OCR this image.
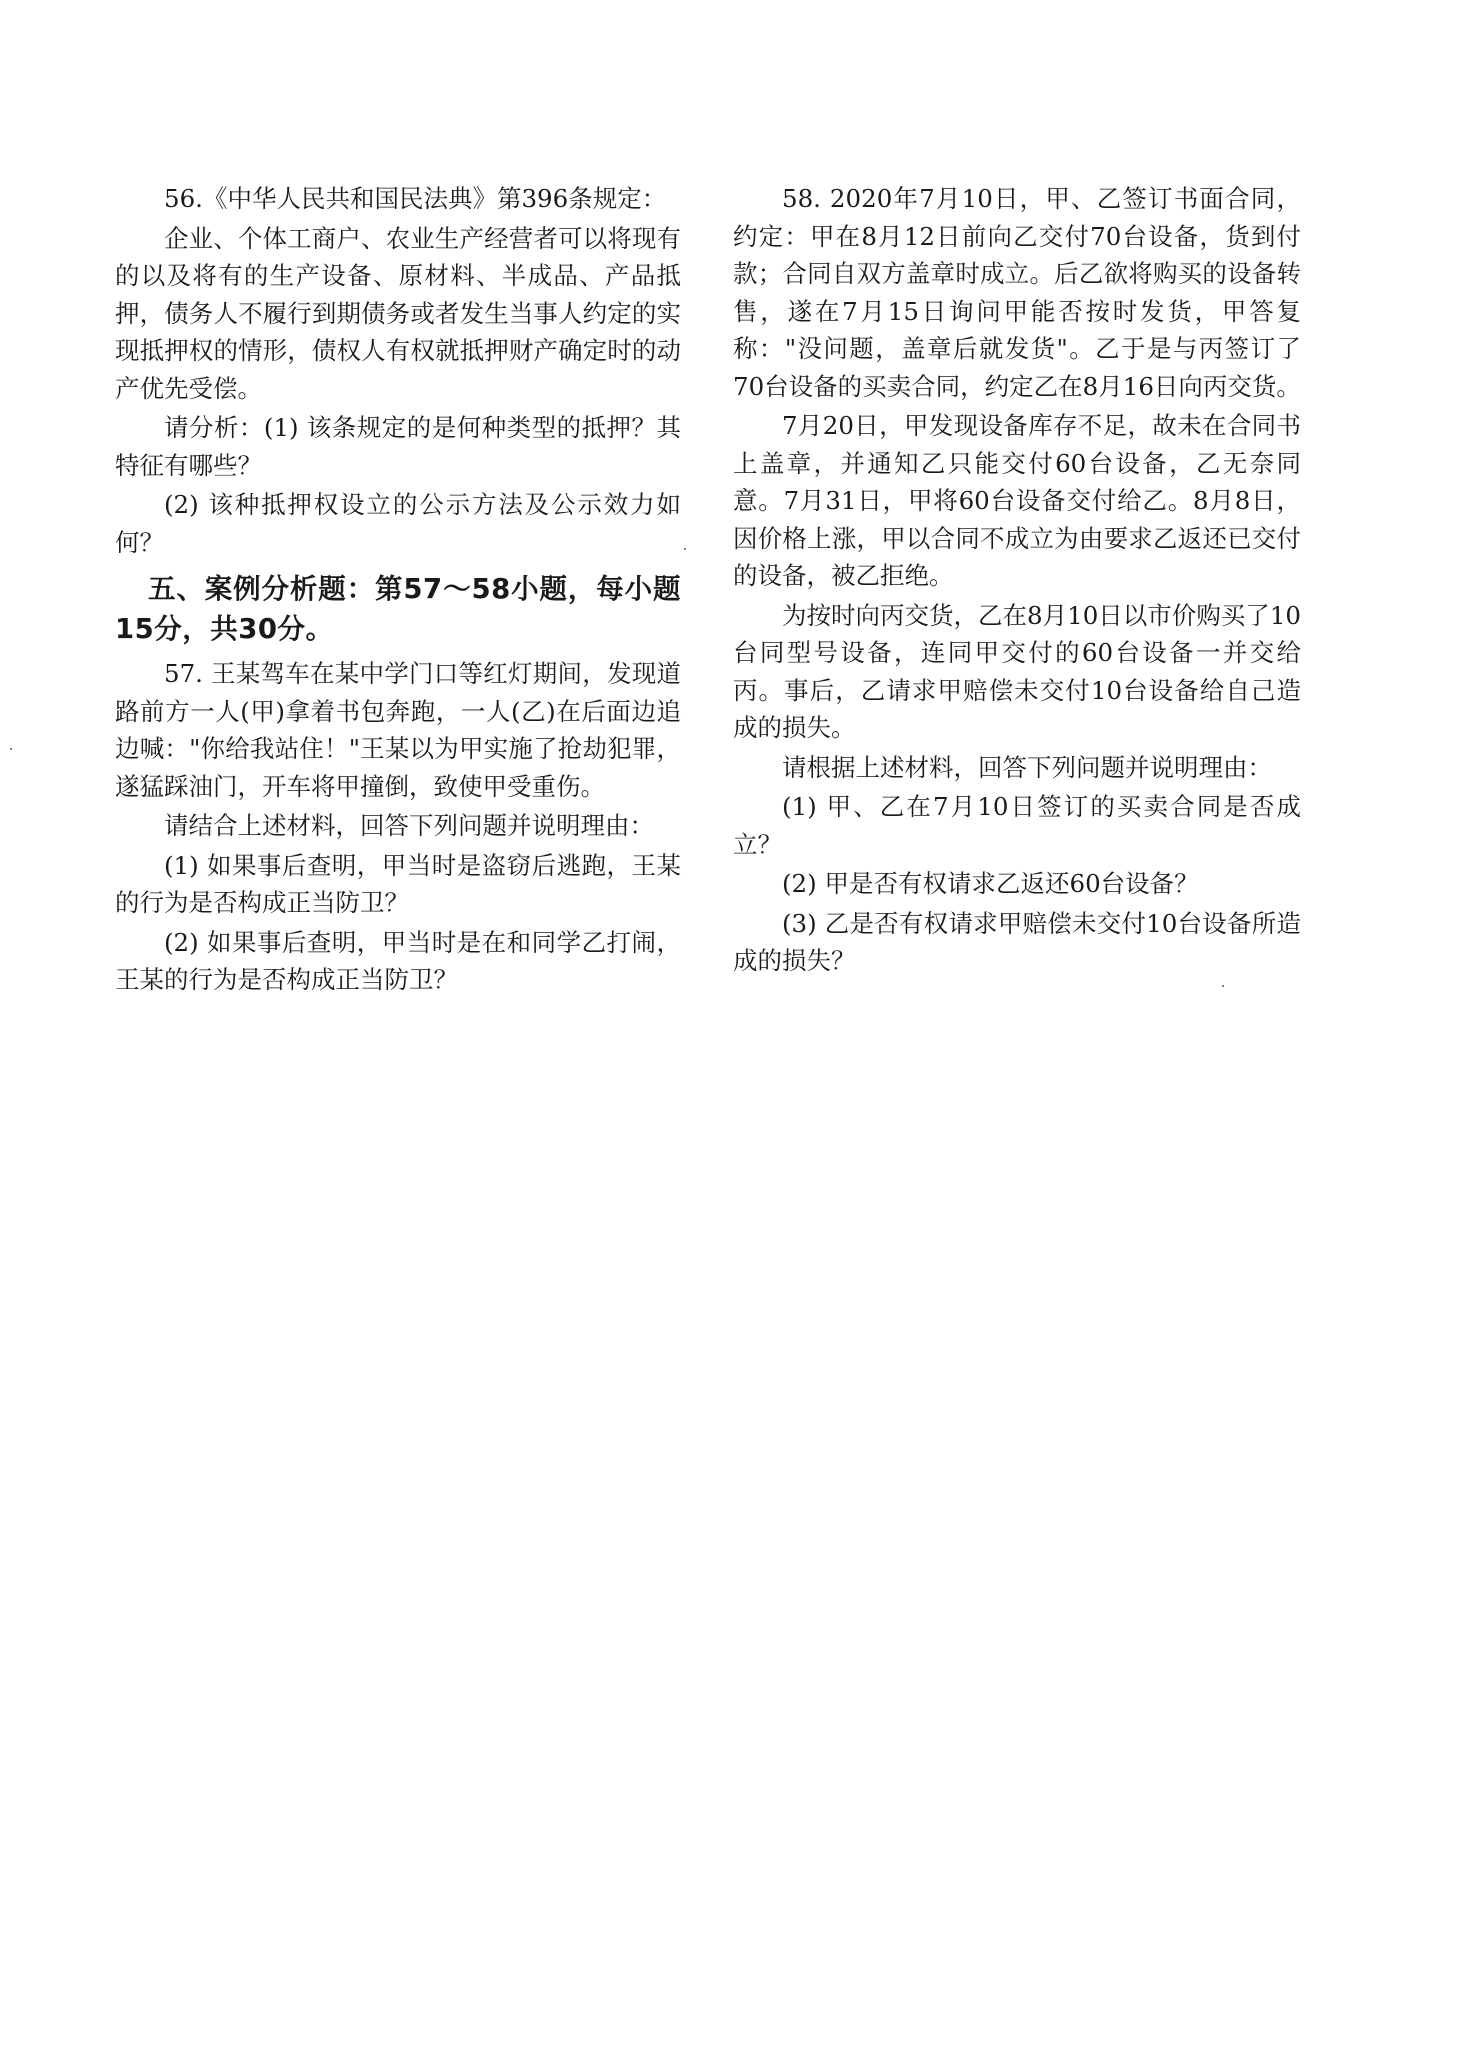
56.《中华人民共和国民法典》第396条规定：

企业、个体工商户、农业生产经营者可以将现有的以及将有的生产设备、原材料、半成品、产品抵押，债务人不履行到期债务或者发生当事人约定的实现抵押权的情形，债权人有权就抵押财产确定时的动产优先受偿。

请分析：(1) 该条规定的是何种类型的抵押？其特征有哪些？

(2) 该种抵押权设立的公示方法及公示效力如何？

五、案例分析题：第57～58小题，每小题15分，共30分。

57. 王某驾车在某中学门口等红灯期间，发现道路前方一人(甲)拿着书包奔跑，一人(乙)在后面边追边喊："你给我站住！"王某以为甲实施了抢劫犯罪，遂猛踩油门，开车将甲撞倒，致使甲受重伤。

请结合上述材料，回答下列问题并说明理由：

(1) 如果事后查明，甲当时是盗窃后逃跑，王某的行为是否构成正当防卫？

(2) 如果事后查明，甲当时是在和同学乙打闹，王某的行为是否构成正当防卫？

58. 2020年7月10日，甲、乙签订书面合同，约定：甲在8月12日前向乙交付70台设备，货到付款；合同自双方盖章时成立。后乙欲将购买的设备转售，遂在7月15日询问甲能否按时发货，甲答复称："没问题，盖章后就发货"。乙于是与丙签订了70台设备的买卖合同，约定乙在8月16日向丙交货。

7月20日，甲发现设备库存不足，故未在合同书上盖章，并通知乙只能交付60台设备，乙无奈同意。7月31日，甲将60台设备交付给乙。8月8日，因价格上涨，甲以合同不成立为由要求乙返还已交付的设备，被乙拒绝。

为按时向丙交货，乙在8月10日以市价购买了10台同型号设备，连同甲交付的60台设备一并交给丙。事后，乙请求甲赔偿未交付10台设备给自己造成的损失。

请根据上述材料，回答下列问题并说明理由：

(1) 甲、乙在7月10日签订的买卖合同是否成立？

(2) 甲是否有权请求乙返还60台设备？

(3) 乙是否有权请求甲赔偿未交付10台设备所造成的损失？
